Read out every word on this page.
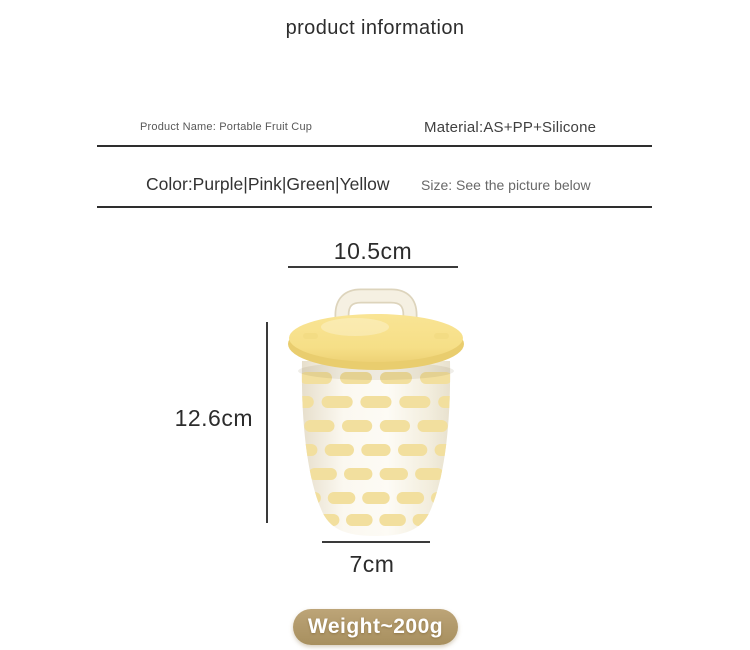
product information
Product Name: Portable Fruit Cup	Material:AS+PP+Silicone
Color:Purple|Pink|Green|Yellow Size: See the picture below
10.5cm
12.6cm
7cm
Weight~200g
